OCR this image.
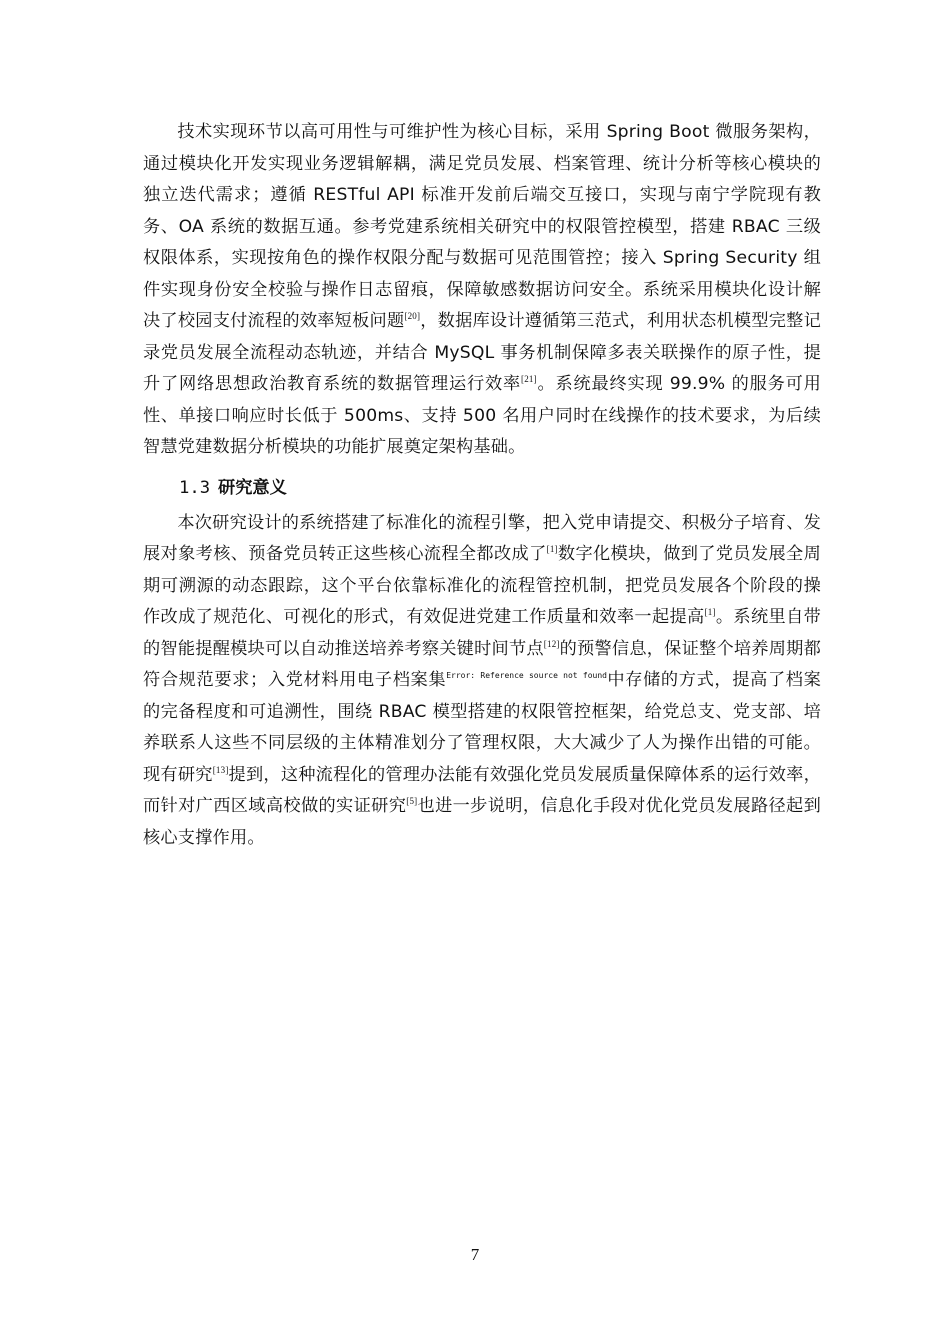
技术实现环节以高可用性与可维护性为核心目标，采用 Spring Boot 微服务架构，通过模块化开发实现业务逻辑解耦，满足党员发展、档案管理、统计分析等核心模块的独立迭代需求；遵循 RESTful API 标准开发前后端交互接口，实现与南宁学院现有教务、OA 系统的数据互通。参考党建系统相关研究中的权限管控模型，搭建 RBAC 三级权限体系，实现按角色的操作权限分配与数据可见范围管控；接入 Spring Security 组件实现身份安全校验与操作日志留痕，保障敏感数据访问安全。系统采用模块化设计解决了校园支付流程的效率短板问题[20]，数据库设计遵循第三范式，利用状态机模型完整记录党员发展全流程动态轨迹，并结合 MySQL 事务机制保障多表关联操作的原子性，提升了网络思想政治教育系统的数据管理运行效率[21]。系统最终实现 99.9% 的服务可用性、单接口响应时长低于 500ms、支持 500 名用户同时在线操作的技术要求，为后续智慧党建数据分析模块的功能扩展奠定架构基础。

1.3 研究意义

本次研究设计的系统搭建了标准化的流程引擎，把入党申请提交、积极分子培育、发展对象考核、预备党员转正这些核心流程全都改成了[1]数字化模块，做到了党员发展全周期可溯源的动态跟踪，这个平台依靠标准化的流程管控机制，把党员发展各个阶段的操作改成了规范化、可视化的形式，有效促进党建工作质量和效率一起提高[1]。系统里自带的智能提醒模块可以自动推送培养考察关键时间节点[12]的预警信息，保证整个培养周期都符合规范要求；入党材料用电子档案集$^{Error: Reference source not found}$中存储的方式，提高了档案的完备程度和可追溯性，围绕 RBAC 模型搭建的权限管控框架，给党总支、党支部、培养联系人这些不同层级的主体精准划分了管理权限，大大减少了人为操作出错的可能。现有研究[13]提到，这种流程化的管理办法能有效强化党员发展质量保障体系的运行效率，而针对广西区域高校做的实证研究[5]也进一步说明，信息化手段对优化党员发展路径起到核心支撑作用。

7
